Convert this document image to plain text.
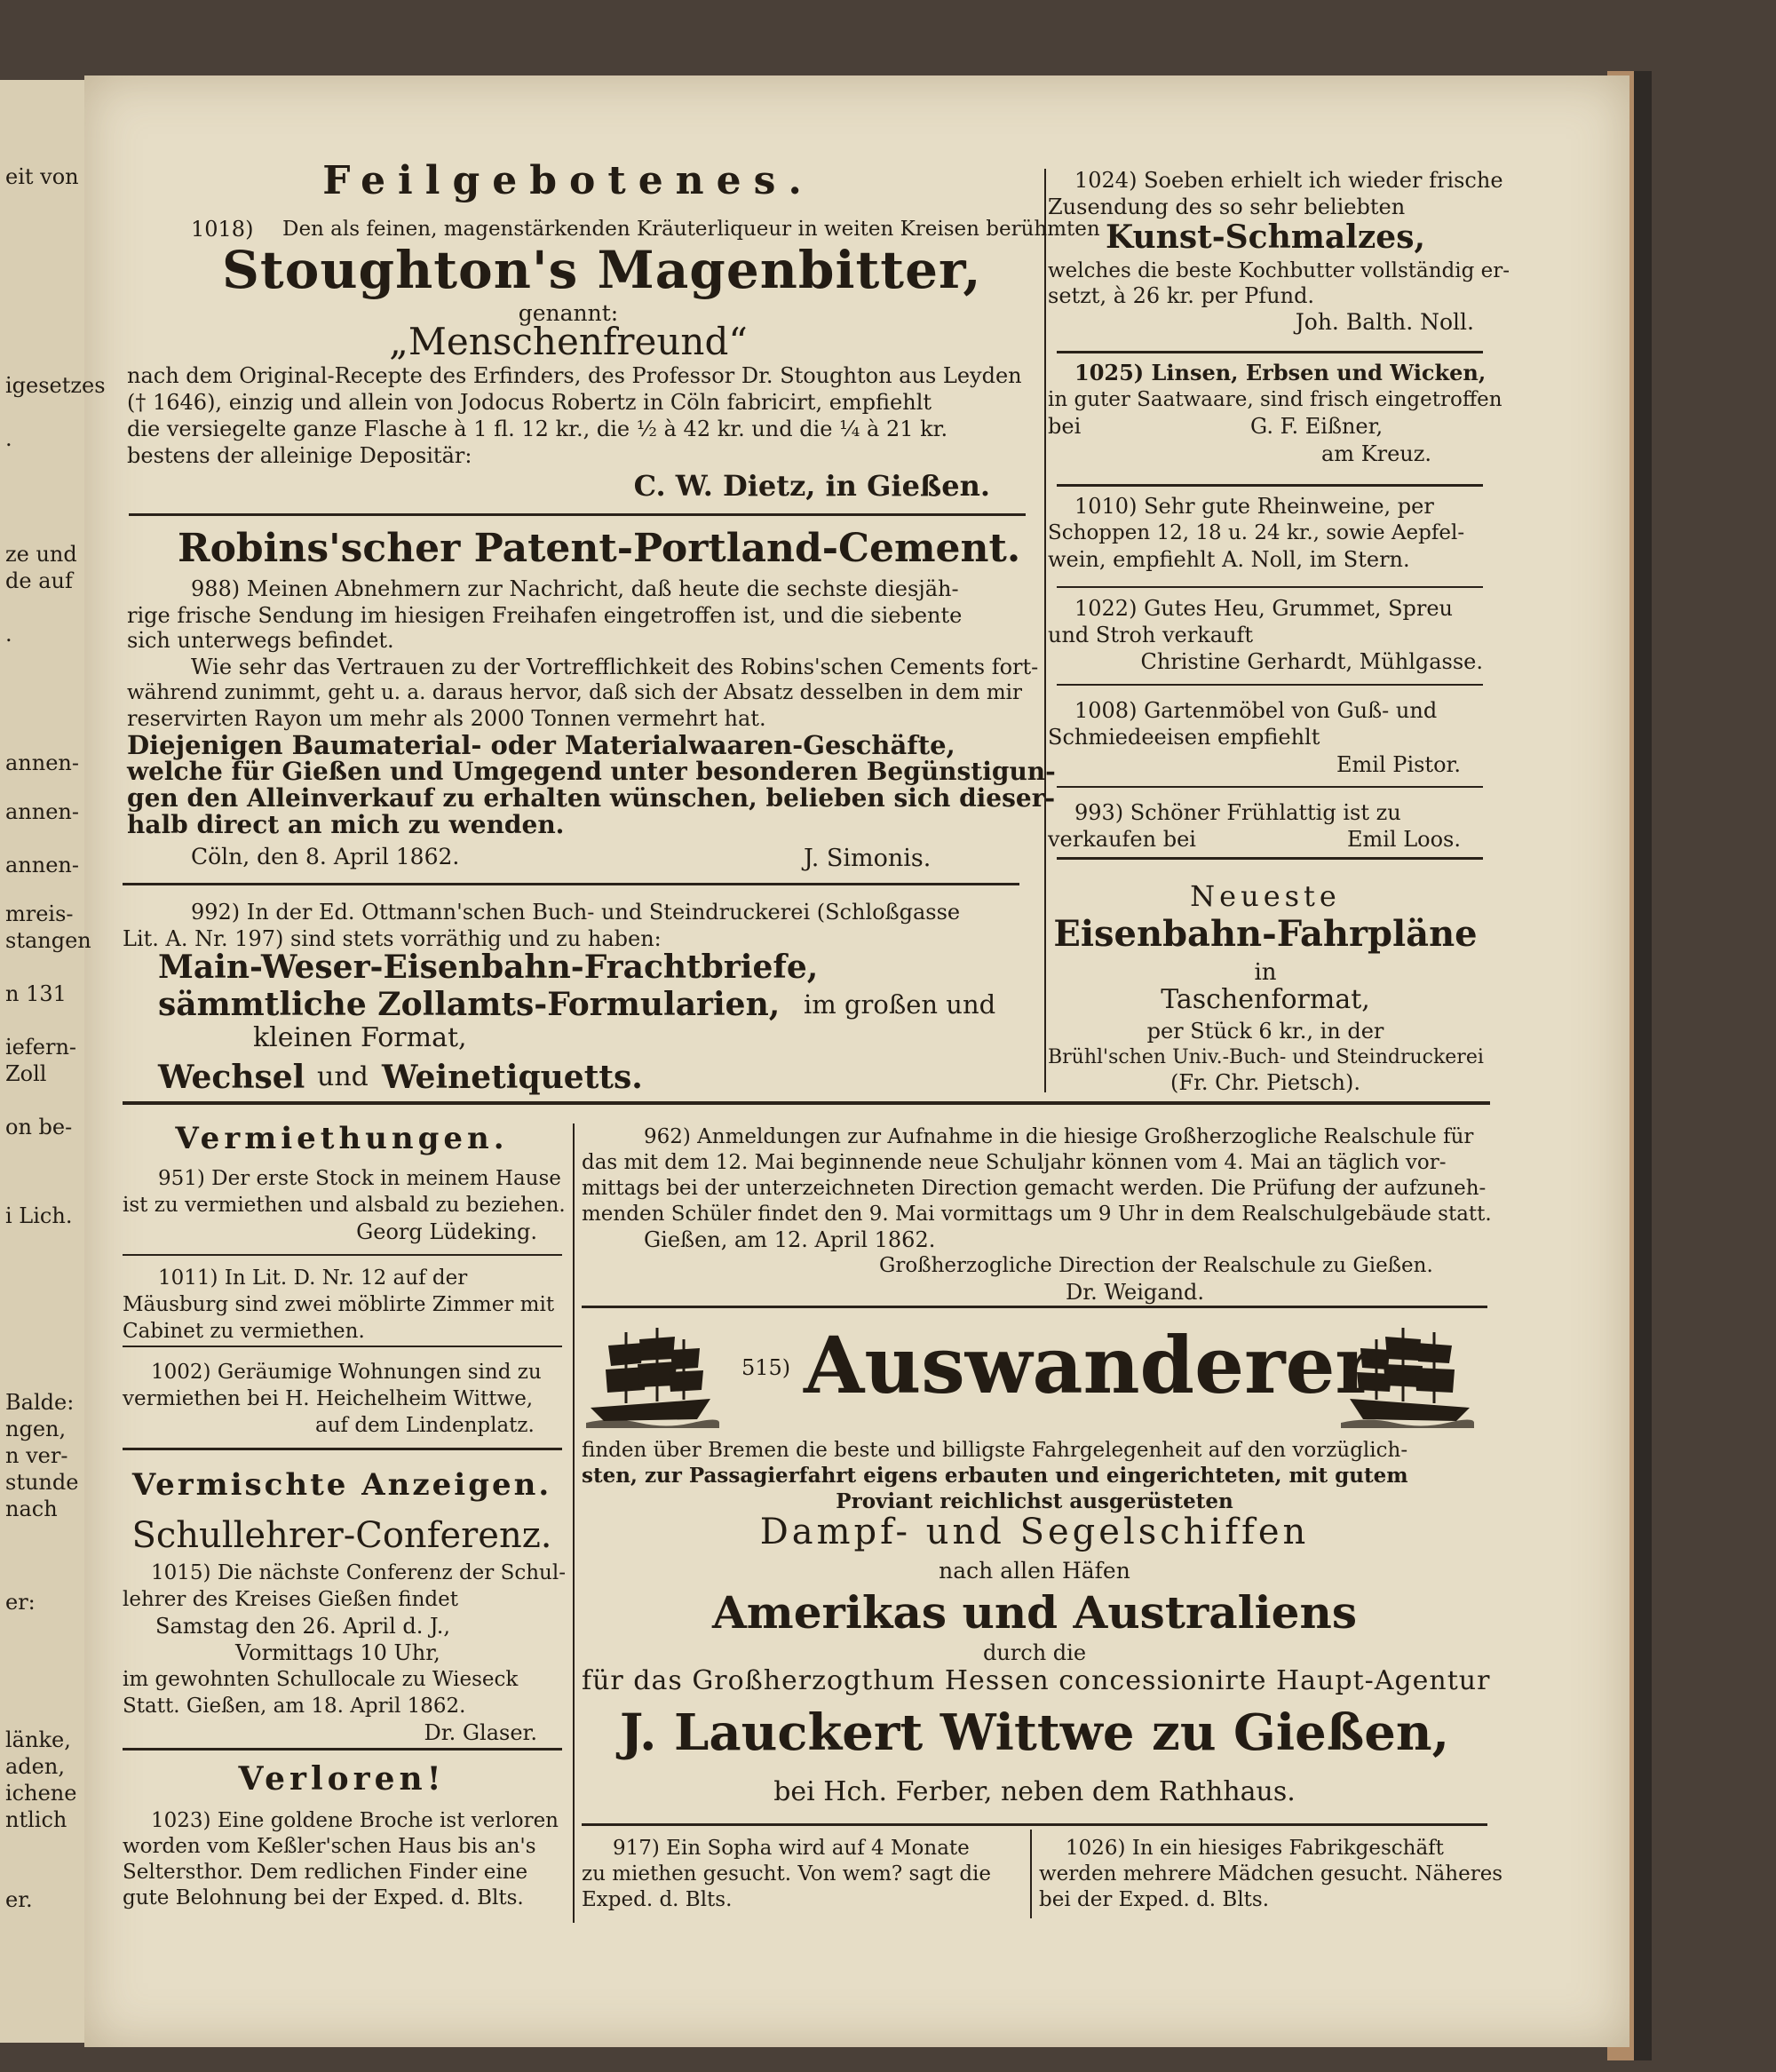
eit von
igesetzes
.
ze und
de auf
.
annen-
annen-
annen-
mreis-
stangen
n 131
iefern-
Zoll
on be-
i Lich.
Balde:
ngen,
n ver-
stunde
nach
er:
länke,
aden,
ichene
ntlich
er.
Feilgebotenes.
1018) Den als feinen, magenstärkenden Kräuterliqueur in weiten Kreisen berühmten
Stoughton's Magenbitter,
genannt:
„Menschenfreund“
nach dem Original-Recepte des Erfinders, des Professor Dr. Stoughton aus Leyden
(† 1646), einzig und allein von Jodocus Robertz in Cöln fabricirt, empfiehlt
die versiegelte ganze Flasche à 1 fl. 12 kr., die ½ à 42 kr. und die ¼ à 21 kr.
bestens der alleinige Depositär:
C. W. Dietz, in Gießen.
Robins'scher Patent-Portland-Cement.
988) Meinen Abnehmern zur Nachricht, daß heute die sechste diesjäh-
rige frische Sendung im hiesigen Freihafen eingetroffen ist, und die siebente
sich unterwegs befindet.
Wie sehr das Vertrauen zu der Vortrefflichkeit des Robins'schen Cements fort-
während zunimmt, geht u. a. daraus hervor, daß sich der Absatz desselben in dem mir
reservirten Rayon um mehr als 2000 Tonnen vermehrt hat.
Diejenigen Baumaterial- oder Materialwaaren-Geschäfte,
welche für Gießen und Umgegend unter besonderen Begünstigun-
gen den Alleinverkauf zu erhalten wünschen, belieben sich dieser-
halb direct an mich zu wenden.
Cöln, den 8. April 1862.	J. Simonis.
992) In der Ed. Ottmann'schen Buch- und Steindruckerei (Schloßgasse
Lit. A. Nr. 197) sind stets vorräthig und zu haben:
Main-Weser-Eisenbahn-Frachtbriefe,
sämmtliche Zollamts-Formularien, im großen und
kleinen Format,
Wechsel und Weinetiquetts.
1024) Soeben erhielt ich wieder frische
Zusendung des so sehr beliebten
Kunst-Schmalzes,
welches die beste Kochbutter vollständig er-
setzt, à 26 kr. per Pfund.
Joh. Balth. Noll.
1025) Linsen, Erbsen und Wicken,
in guter Saatwaare, sind frisch eingetroffen
bei	G. F. Eißner,
am Kreuz.
1010) Sehr gute Rheinweine, per
Schoppen 12, 18 u. 24 kr., sowie Aepfel-
wein, empfiehlt A. Noll, im Stern.
1022) Gutes Heu, Grummet, Spreu
und Stroh verkauft
Christine Gerhardt, Mühlgasse.
1008) Gartenmöbel von Guß- und
Schmiedeeisen empfiehlt
Emil Pistor.
993) Schöner Frühlattig ist zu
verkaufen bei	Emil Loos.
Neueste
Eisenbahn-Fahrpläne
in
Taschenformat,
per Stück 6 kr., in der
Brühl'schen Univ.-Buch- und Steindruckerei
(Fr. Chr. Pietsch).
Vermiethungen.
951) Der erste Stock in meinem Hause
ist zu vermiethen und alsbald zu beziehen.
Georg Lüdeking.
1011) In Lit. D. Nr. 12 auf der
Mäusburg sind zwei möblirte Zimmer mit
Cabinet zu vermiethen.
1002) Geräumige Wohnungen sind zu
vermiethen bei H. Heichelheim Wittwe,
auf dem Lindenplatz.
Vermischte Anzeigen.
Schullehrer-Conferenz.
1015) Die nächste Conferenz der Schul-
lehrer des Kreises Gießen findet
Samstag den 26. April d. J.,
Vormittags 10 Uhr,
im gewohnten Schullocale zu Wieseck
Statt. Gießen, am 18. April 1862.
Dr. Glaser.
Verloren!
1023) Eine goldene Broche ist verloren
worden vom Keßler'schen Haus bis an's
Seltersthor. Dem redlichen Finder eine
gute Belohnung bei der Exped. d. Blts.
962) Anmeldungen zur Aufnahme in die hiesige Großherzogliche Realschule für
das mit dem 12. Mai beginnende neue Schuljahr können vom 4. Mai an täglich vor-
mittags bei der unterzeichneten Direction gemacht werden. Die Prüfung der aufzuneh-
menden Schüler findet den 9. Mai vormittags um 9 Uhr in dem Realschulgebäude statt.
Gießen, am 12. April 1862.
Großherzogliche Direction der Realschule zu Gießen.
Dr. Weigand.
515) Auswanderer
finden über Bremen die beste und billigste Fahrgelegenheit auf den vorzüglich-
sten, zur Passagierfahrt eigens erbauten und eingerichteten, mit gutem
Proviant reichlichst ausgerüsteten
Dampf- und Segelschiffen
nach allen Häfen
Amerikas und Australiens
durch die
für das Großherzogthum Hessen concessionirte Haupt-Agentur
J. Lauckert Wittwe zu Gießen,
bei Hch. Ferber, neben dem Rathhaus.
917) Ein Sopha wird auf 4 Monate
zu miethen gesucht. Von wem? sagt die
Exped. d. Blts.
1026) In ein hiesiges Fabrikgeschäft
werden mehrere Mädchen gesucht. Näheres
bei der Exped. d. Blts.
